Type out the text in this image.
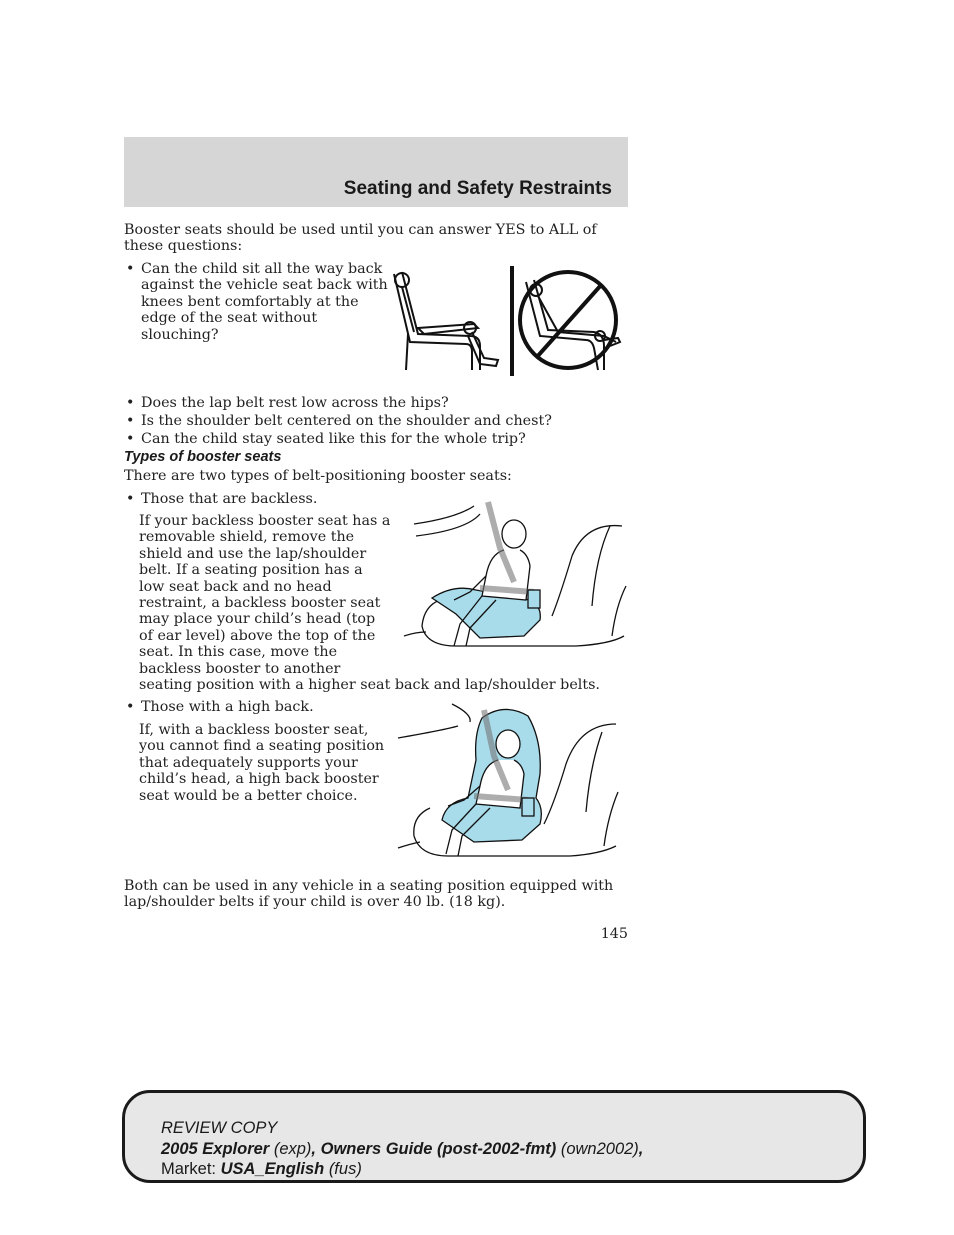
Seating and Safety Restraints

Booster seats should be used until you can answer YES to ALL of these questions:

• Can the child sit all the way back
against the vehicle seat back with
knees bent comfortably at the
edge of the seat without
slouching?
• Does the lap belt rest low across the hips?
• Is the shoulder belt centered on the shoulder and chest?
• Can the child stay seated like this for the whole trip?
Types of booster seats

There are two types of belt-positioning booster seats:

• Those that are backless.
If your backless booster seat has a
removable shield, remove the
shield and use the lap/shoulder
belt. If a seating position has a
low seat back and no head
restraint, a backless booster seat
may place your child’s head (top
of ear level) above the top of the
seat. In this case, move the
backless booster to another
seating position with a higher seat back and lap/shoulder belts.
• Those with a high back.
If, with a backless booster seat,
you cannot find a seating position
that adequately supports your
child’s head, a high back booster
seat would be a better choice.
Both can be used in any vehicle in a seating position equipped with
lap/shoulder belts if your child is over 40 lb. (18 kg).
145
REVIEW COPY
2005 Explorer (exp), Owners Guide (post-2002-fmt) (own2002),
Market: USA_English (fus)
